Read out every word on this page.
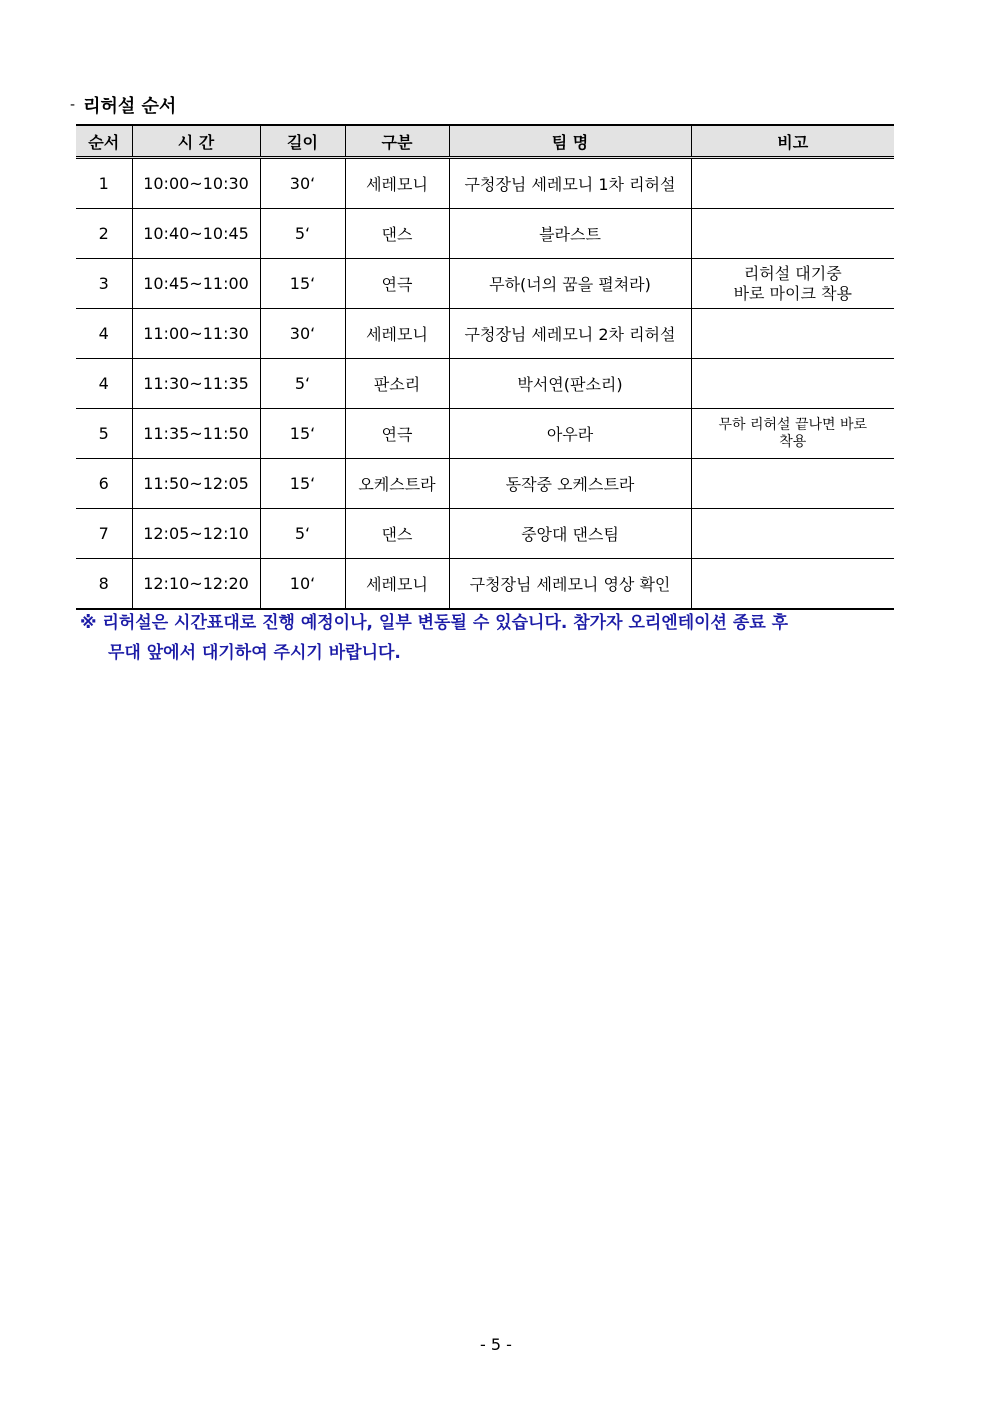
- 리허설 순서
순서	시 간	길이	구분	팀 명	비고
1	10:00~10:30	30‘	세레모니	구청장님 세레모니 1차 리허설	

2	10:40~10:45	5‘	댄스	블라스트	

3	10:45~11:00	15‘	연극	무하(너의 꿈을 펼쳐라)	리허설 대기중
바로 마이크 착용

4	11:00~11:30	30‘	세레모니	구청장님 세레모니 2차 리허설	

4	11:30~11:35	5‘	판소리	박서연(판소리)	

5	11:35~11:50	15‘	연극	아우라	무하 리허설 끝나면 바로
착용

6	11:50~12:05	15‘	오케스트라	동작중 오케스트라	

7	12:05~12:10	5‘	댄스	중앙대 댄스팀	

8	12:10~12:20	10‘	세레모니	구청장님 세레모니 영상 확인	
※ 리허설은 시간표대로 진행 예정이나, 일부 변동될 수 있습니다. 참가자 오리엔테이션 종료 후
무대 앞에서 대기하여 주시기 바랍니다.
- 5 -
